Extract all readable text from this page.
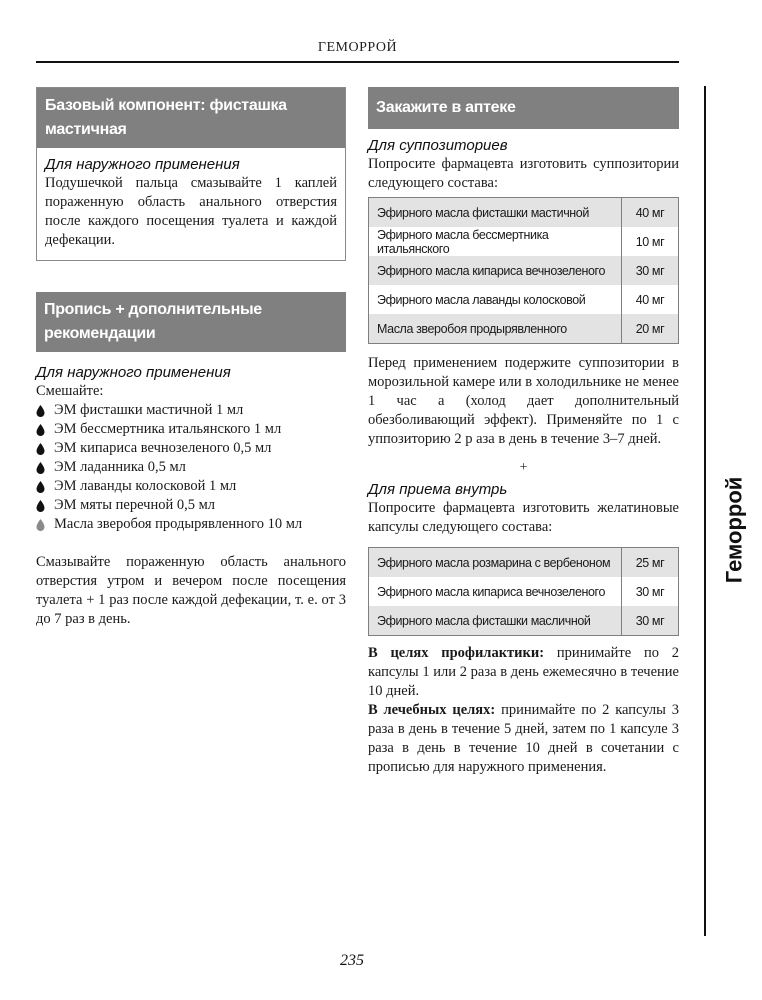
ГЕМОРРОЙ
Базовый компонент: фисташка мастичная
Для наружного применения

Подушечкой пальца смазывайте 1 каплей пораженную область анального отверстия после каждого посещения туалета и каждой дефекации.

Пропись + дополнительные рекомендации
Для наружного применения

Смешайте:

ЭМ фисташки мастичной 1 мл
ЭМ бессмертника итальянского 1 мл
ЭМ кипариса вечнозеленого 0,5 мл
ЭМ ладанника 0,5 мл
ЭМ лаванды колосковой 1 мл
ЭМ мяты перечной 0,5 мл
Масла зверобоя продырявленного 10 мл

Смазывайте пораженную область анального отверстия утром и вечером после посещения туалета + 1 раз после каждой дефекации, т. е. от 3 до 7 раз в день.

Закажите в аптеке
Для суппозиториев

Попросите фармацевта изготовить суппозитории следующего состава:

Эфирного масла фисташки мастичной	40 мг
Эфирного масла бессмертника итальянского	10 мг
Эфирного масла кипариса вечнозеленого	30 мг
Эфирного масла лаванды колосковой	40 мг
Масла зверобоя продырявленного	20 мг

Перед применением подержите суппозитории в морозильной камере или в холодильнике не менее 1 час а (холод дает дополнительный обезболивающий эффект). Применяйте по 1 с уппозиторию 2 р аза в день в течение 3–7 дней.

+
Для приема внутрь

Попросите фармацевта изготовить желатиновые капсулы следующего состава:

Эфирного масла розмарина с вербеноном	25 мг
Эфирного масла кипариса вечнозеленого	30 мг
Эфирного масла фисташки масличной	30 мг

В целях профилактики: принимайте по 2 капсулы 1 или 2 раза в день ежемесячно в течение 10 дней.

В лечебных целях: принимайте по 2 капсулы 3 раза в день в течение 5 дней, затем по 1 капсуле 3 раза в день в течение 10 дней в сочетании с прописью для наружного применения.

Геморрой
235
